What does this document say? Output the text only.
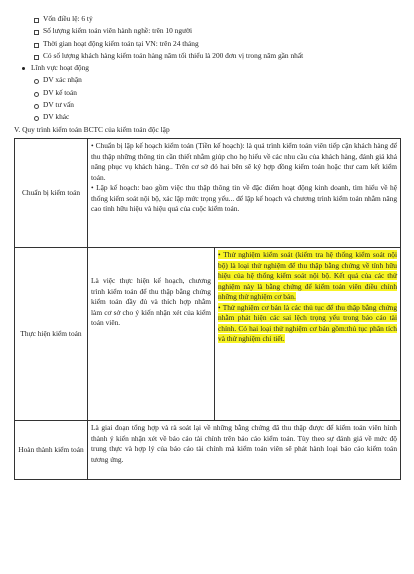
Vốn điều lệ: 6 tỷ
Số lượng kiểm toán viên hành nghề: trên 10 người
Thời gian hoạt động kiểm toán tại VN: trên 24 tháng
Có số lượng khách hàng kiểm toán hàng năm tối thiểu là 200 đơn vị trong năm gần nhất
Lĩnh vực hoạt động
DV xác nhận
DV kế toán
DV tư vấn
DV khác
V. Quy trình kiểm toán BCTC của kiểm toán độc lập
Chuẩn bị kiểm toán	• Chuẩn bị lập kế hoạch kiểm toán (Tiền kế hoạch): là quá trình kiểm toán viên tiếp cận khách hàng để thu thập những thông tin cần thiết nhằm giúp cho họ hiểu về các nhu cầu của khách hàng, đánh giá khả năng phục vụ khách hàng.. Trên cơ sở đó hai bên sẽ ký hợp đồng kiểm toán hoặc thư cam kết kiểm toán.

• Lập kế hoạch: bao gồm việc thu thập thông tin về đặc điểm hoạt động kinh doanh, tìm hiểu về hệ thống kiểm soát nội bộ, xác lập mức trọng yếu... để lập kế hoạch và chương trình kiểm toán nhằm nâng cao tính hữu hiệu và hiệu quả của cuộc kiểm toán.	

Thực hiện kiểm toán	Là việc thực hiện kế hoạch, chương trình kiểm toán để thu thập bằng chứng kiểm toán đầy đủ và thích hợp nhằm làm cơ sở cho ý kiến nhận xét của kiểm toán viên.	• Thử nghiệm kiểm soát (kiểm tra hệ thống kiểm soát nội bộ) là loại thử nghiệm để thu thập bằng chứng về tính hữu hiệu của hệ thống kiểm soát nội bộ. Kết quả của các thử nghiệm này là bằng chứng để kiểm toán viên điều chỉnh những thử nghiệm cơ bản.

• Thử nghiệm cơ bản là các thủ tục để thu thập bằng chứng nhằm phát hiện các sai lệch trọng yếu trong báo cáo tài chính. Có hai loại thử nghiệm cơ bản gồm:thủ tục phân tích và thử nghiệm chi tiết.

Hoàn thành kiểm toán	Là giai đoạn tổng hợp và rà soát lại về những bằng chứng đã thu thập được để kiểm toán viên hình thành ý kiến nhận xét về báo cáo tài chính trên báo cáo kiểm toán. Tùy theo sự đánh giá về mức độ trung thực và hợp lý của báo cáo tài chính mà kiểm toán viên sẽ phát hành loại báo cáo kiểm toán tương ứng.	
